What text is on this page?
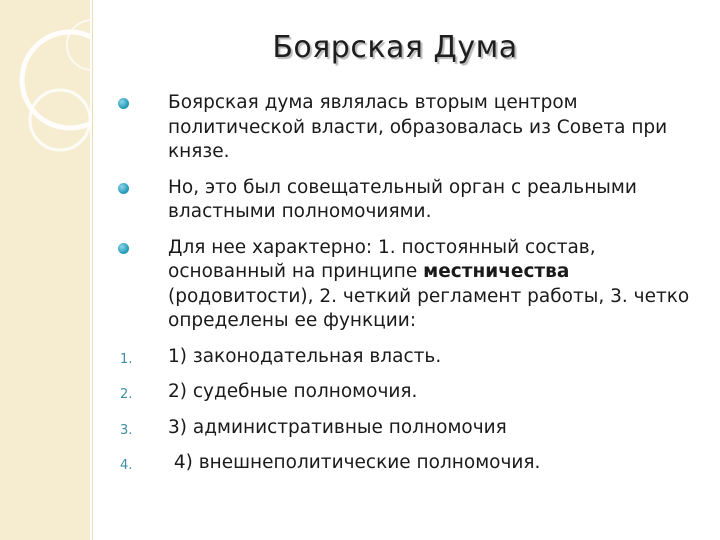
Боярская Дума
Боярская дума являлась вторым центром политической власти, образовалась из Совета при князе.
Но, это был совещательный орган с реальными властными полномочиями.
Для нее характерно: 1. постоянный состав, основанный на принципе местничества (родовитости), 2. четкий регламент работы, 3. четко определены ее функции:
1. 1) законодательная власть.
2. 2) судебные полномочия.
3. 3) административные полномочия
4. 4) внешнеполитические полномочия.
